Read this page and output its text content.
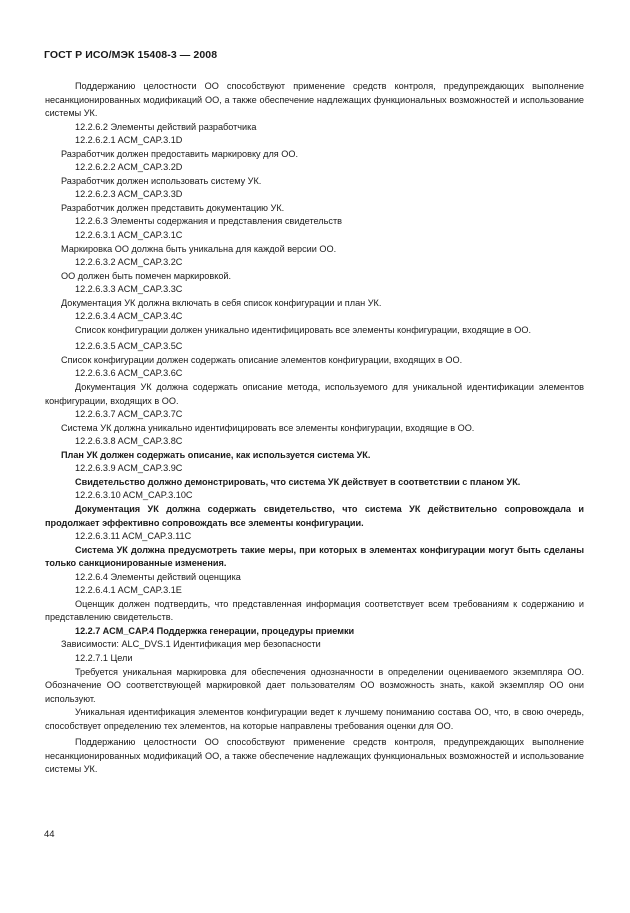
ГОСТ Р ИСО/МЭК 15408-3 — 2008

Поддержанию целостности ОО способствуют применение средств контроля, предупреждающих выполнение несанкционированных модификаций ОО, а также обеспечение надлежащих функциональных возможностей и использование системы УК.

12.2.6.2 Элементы действий разработчика

12.2.6.2.1 ACM_CAP.3.1D

Разработчик должен предоставить маркировку для ОО.

12.2.6.2.2 ACM_CAP.3.2D

Разработчик должен использовать систему УК.

12.2.6.2.3 ACM_CAP.3.3D

Разработчик должен представить документацию УК.

12.2.6.3 Элементы содержания и представления свидетельств

12.2.6.3.1 ACM_CAP.3.1C

Маркировка ОО должна быть уникальна для каждой версии ОО.

12.2.6.3.2 ACM_CAP.3.2C

ОО должен быть помечен маркировкой.

12.2.6.3.3 ACM_CAP.3.3C

Документация УК должна включать в себя список конфигурации и план УК.

12.2.6.3.4 ACM_CAP.3.4C

Список конфигурации должен уникально идентифицировать все элементы конфигурации, входящие в ОО.

12.2.6.3.5 ACM_CAP.3.5C

Список конфигурации должен содержать описание элементов конфигурации, входящих в ОО.

12.2.6.3.6 ACM_CAP.3.6C

Документация УК должна содержать описание метода, используемого для уникальной идентификации элементов конфигурации, входящих в ОО.

12.2.6.3.7 ACM_CAP.3.7C

Система УК должна уникально идентифицировать все элементы конфигурации, входящие в ОО.

12.2.6.3.8 ACM_CAP.3.8C

План УК должен содержать описание, как используется система УК.

12.2.6.3.9 ACM_CAP.3.9C

Свидетельство должно демонстрировать, что система УК действует в соответствии с планом УК.

12.2.6.3.10 ACM_CAP.3.10C

Документация УК должна содержать свидетельство, что система УК действительно сопровождала и продолжает эффективно сопровождать все элементы конфигурации.

12.2.6.3.11 ACM_CAP.3.11C

Система УК должна предусмотреть такие меры, при которых в элементах конфигурации могут быть сделаны только санкционированные изменения.

12.2.6.4 Элементы действий оценщика

12.2.6.4.1 ACM_CAP.3.1E

Оценщик должен подтвердить, что представленная информация соответствует всем требованиям к содержанию и представлению свидетельств.

12.2.7 ACM_CAP.4 Поддержка генерации, процедуры приемки

Зависимости: ALC_DVS.1 Идентификация мер безопасности

12.2.7.1 Цели

Требуется уникальная маркировка для обеспечения однозначности в определении оцениваемого экземпляра ОО. Обозначение ОО соответствующей маркировкой дает пользователям ОО возможность знать, какой экземпляр ОО они используют.

Уникальная идентификация элементов конфигурации ведет к лучшему пониманию состава ОО, что, в свою очередь, способствует определению тех элементов, на которые направлены требования оценки для ОО.

Поддержанию целостности ОО способствуют применение средств контроля, предупреждающих выполнение несанкционированных модификаций ОО, а также обеспечение надлежащих функциональных возможностей и использование системы УК.

44
